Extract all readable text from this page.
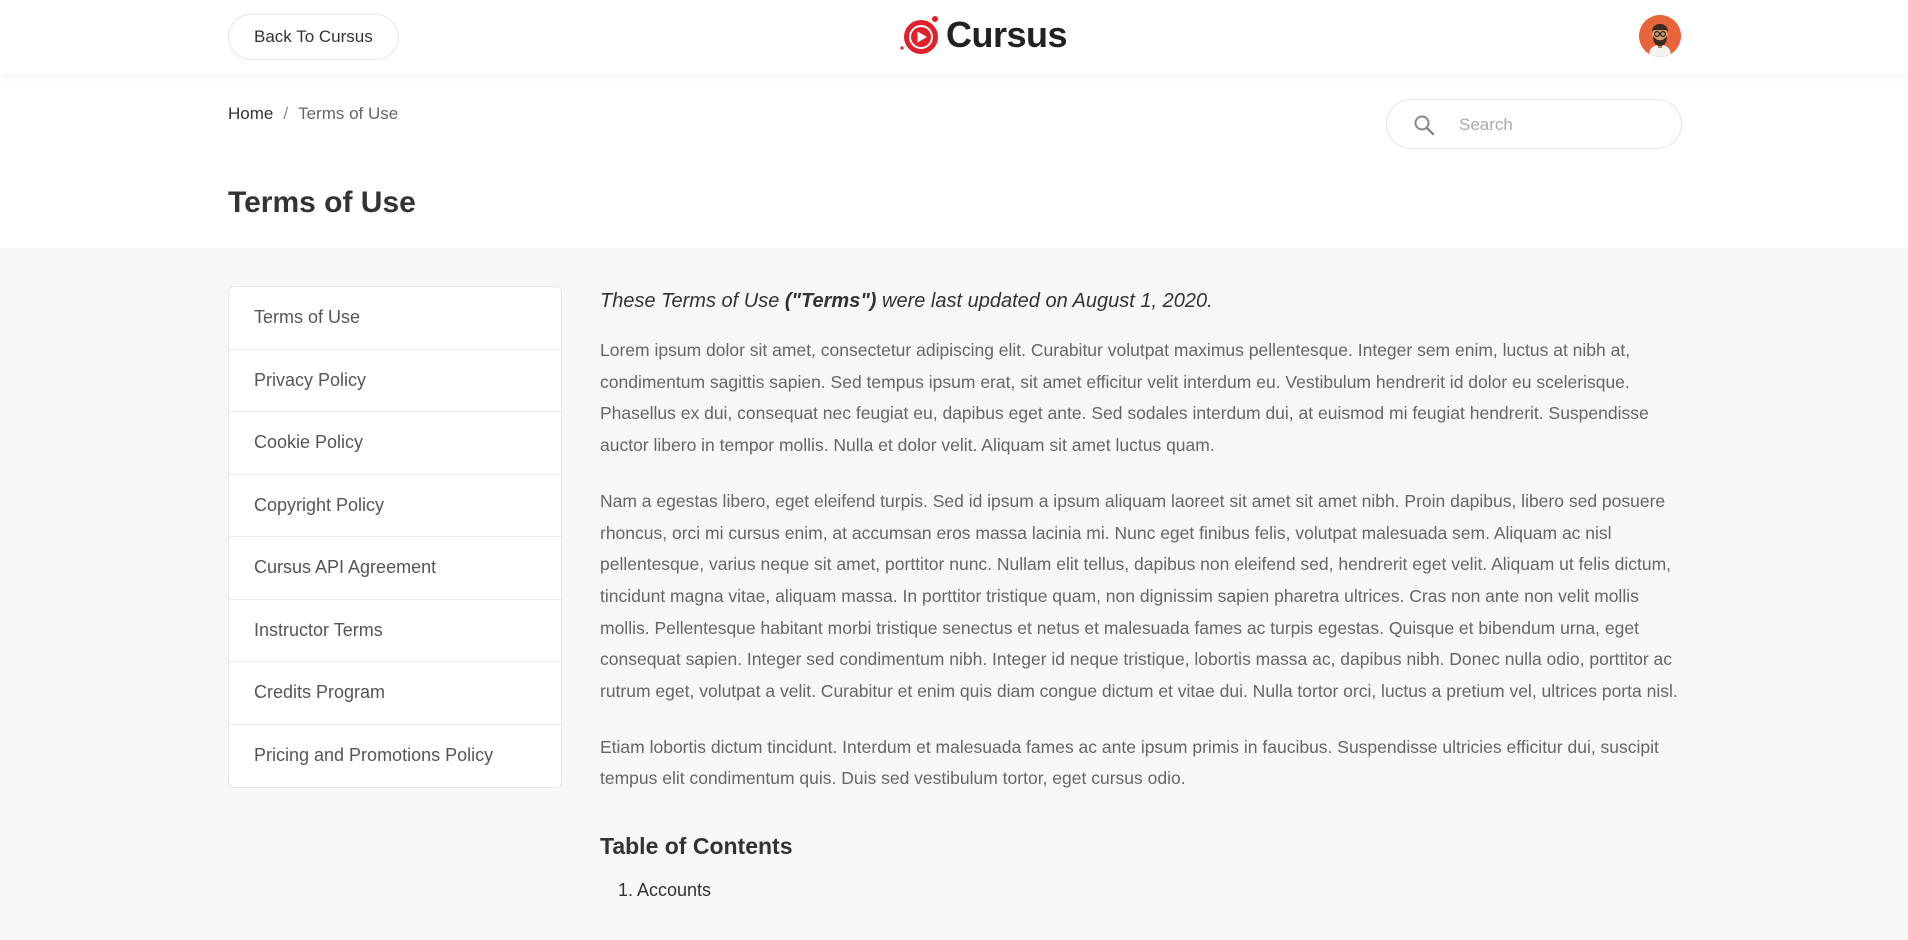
Back To Cursus	Cursus
Home / Terms of Use
Search
Terms of Use
Terms of Use
Privacy Policy
Cookie Policy
Copyright Policy
Cursus API Agreement
Instructor Terms
Credits Program
Pricing and Promotions Policy

These Terms of Use ("Terms") were last updated on August 1, 2020.

Lorem ipsum dolor sit amet, consectetur adipiscing elit. Curabitur volutpat maximus pellentesque. Integer sem enim, luctus at nibh at, condimentum sagittis sapien. Sed tempus ipsum erat, sit amet efficitur velit interdum eu. Vestibulum hendrerit id dolor eu scelerisque. Phasellus ex dui, consequat nec feugiat eu, dapibus eget ante. Sed sodales interdum dui, at euismod mi feugiat hendrerit. Suspendisse auctor libero in tempor mollis. Nulla et dolor velit. Aliquam sit amet luctus quam.

Nam a egestas libero, eget eleifend turpis. Sed id ipsum a ipsum aliquam laoreet sit amet sit amet nibh. Proin dapibus, libero sed posuere rhoncus, orci mi cursus enim, at accumsan eros massa lacinia mi. Nunc eget finibus felis, volutpat malesuada sem. Aliquam ac nisl pellentesque, varius neque sit amet, porttitor nunc. Nullam elit tellus, dapibus non eleifend sed, hendrerit eget velit. Aliquam ut felis dictum, tincidunt magna vitae, aliquam massa. In porttitor tristique quam, non dignissim sapien pharetra ultrices. Cras non ante non velit mollis mollis. Pellentesque habitant morbi tristique senectus et netus et malesuada fames ac turpis egestas. Quisque et bibendum urna, eget consequat sapien. Integer sed condimentum nibh. Integer id neque tristique, lobortis massa ac, dapibus nibh. Donec nulla odio, porttitor ac rutrum eget, volutpat a velit. Curabitur et enim quis diam congue dictum et vitae dui. Nulla tortor orci, luctus a pretium vel, ultrices porta nisl.

Etiam lobortis dictum tincidunt. Interdum et malesuada fames ac ante ipsum primis in faucibus. Suspendisse ultricies efficitur dui, suscipit tempus elit condimentum quis. Duis sed vestibulum tortor, eget cursus odio.

Table of Contents
1. Accounts
